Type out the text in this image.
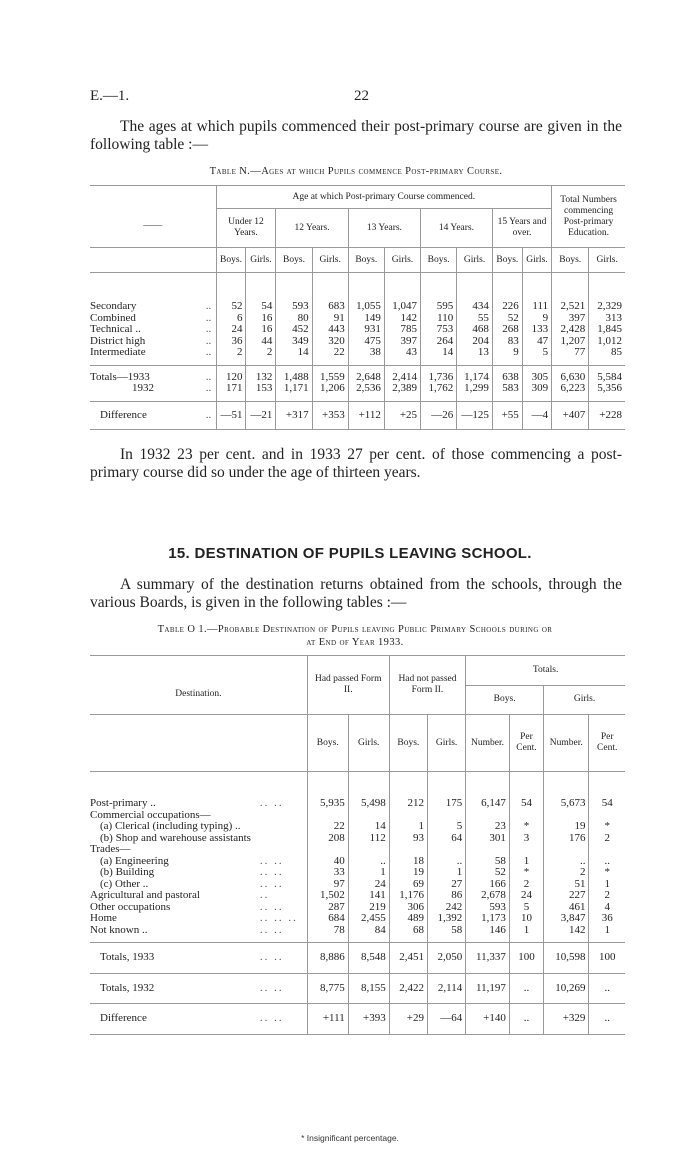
E.—1.	22

The ages at which pupils commenced their post-primary course are given in the following table :—

Table N.—Ages at which Pupils commence Post-primary Course.

——		Age at which Post-primary Course commenced.										Total Numbers commencing Post-primary Education.	
		Under 12 Years.		12 Years.		13 Years.		14 Years.		15 Years and over.			
		Boys.	Girls.	Boys.	Girls.	Boys.	Girls.	Boys.	Girls.	Boys.	Girls.	Boys.	Girls.
Secondary	..	52	54	593	683	1,055	1,047	595	434	226	111	2,521	2,329
Combined	..	6	16	80	91	149	142	110	55	52	9	397	313
Technical ..	..	24	16	452	443	931	785	753	468	268	133	2,428	1,845
District high	..	36	44	349	320	475	397	264	204	83	47	1,207	1,012
Intermediate	..	2	2	14	22	38	43	14	13	9	5	77	85
Totals—1933	..	120	132	1,488	1,559	2,648	2,414	1,736	1,174	638	305	6,630	5,584
1932	..	171	153	1,171	1,206	2,536	2,389	1,762	1,299	583	309	6,223	5,356
Difference	..	—51	—21	+317	+353	+112	+25	—26	—125	+55	—4	+407	+228

In 1932 23 per cent. and in 1933 27 per cent. of those commencing a post-primary course did so under the age of thirteen years.

15. DESTINATION OF PUPILS LEAVING SCHOOL.

A summary of the destination returns obtained from the schools, through the various Boards, is given in the following tables :—

Table O 1.—Probable Destination of Pupils leaving Public Primary Schools during or

at End of Year 1933.

Destination.		Had passed Form II.		Had not passed Form II.		Totals.			
						Boys.		Girls.	
		Boys.	Girls.	Boys.	Girls.	Number.	Per Cent.	Number.	Per Cent.
Post-primary ..	.. ..	5,935	5,498	212	175	6,147	54	5,673	54
Commercial occupations—									
(a) Clerical (including typing) ..		22	14	1	5	23	*	19	*
(b) Shop and warehouse assistants		208	112	93	64	301	3	176	2
Trades—									
(a) Engineering	.. ..	40	..	18	..	58	1	..	..
(b) Building	.. ..	33	1	19	1	52	*	2	*
(c) Other ..	.. ..	97	24	69	27	166	2	51	1
Agricultural and pastoral	..	1,502	141	1,176	86	2,678	24	227	2
Other occupations	.. ..	287	219	306	242	593	5	461	4
Home	.. .. ..	684	2,455	489	1,392	1,173	10	3,847	36
Not known ..	.. ..	78	84	68	58	146	1	142	1
Totals, 1933	.. ..	8,886	8,548	2,451	2,050	11,337	100	10,598	100
Totals, 1932	.. ..	8,775	8,155	2,422	2,114	11,197	..	10,269	..
Difference	.. ..	+111	+393	+29	—64	+140	..	+329	..
* Insignificant percentage.
